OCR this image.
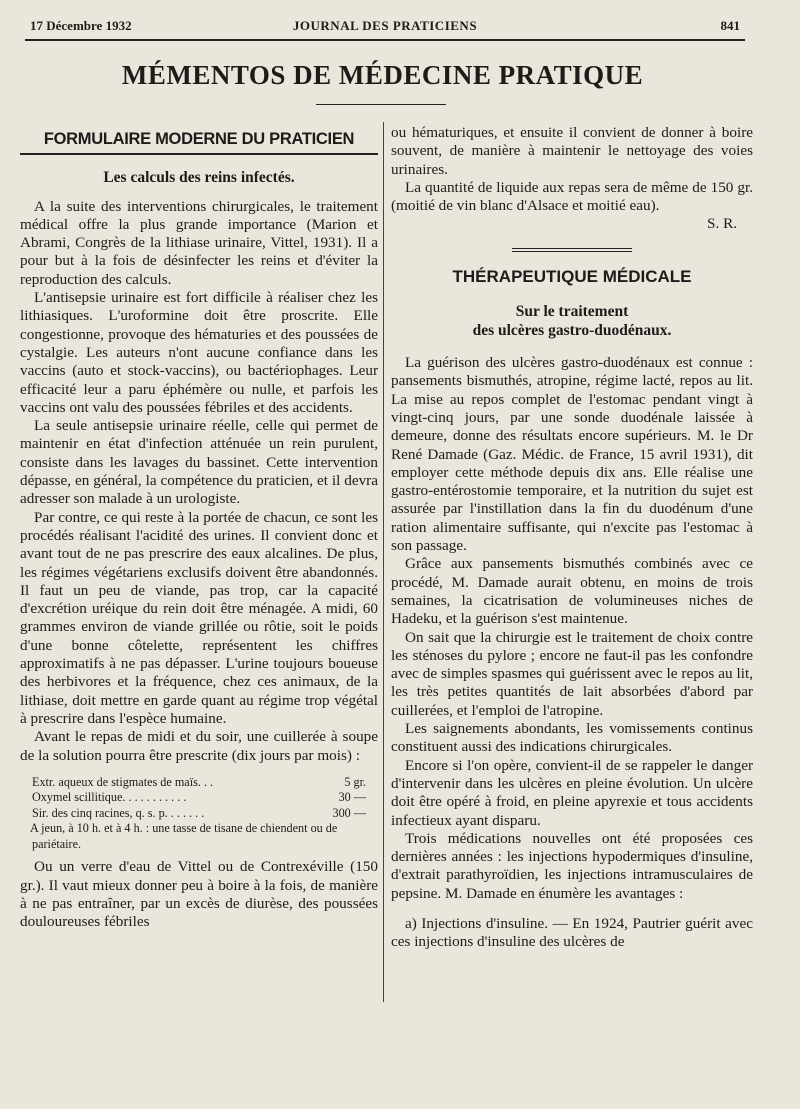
17 Décembre 1932	JOURNAL DES PRATICIENS	841
MÉMENTOS DE MÉDECINE PRATIQUE
FORMULAIRE MODERNE DU PRATICIEN
Les calculs des reins infectés.

A la suite des interventions chirurgicales, le traitement médical offre la plus grande importance (Marion et Abrami, Congrès de la lithiase urinaire, Vittel, 1931). Il a pour but à la fois de désinfecter les reins et d'éviter la reproduction des calculs.

L'antisepsie urinaire est fort difficile à réaliser chez les lithiasiques. L'uroformine doit être proscrite. Elle congestionne, provoque des hématuries et des poussées de cystalgie. Les auteurs n'ont aucune confiance dans les vaccins (auto et stock-vaccins), ou bactériophages. Leur efficacité leur a paru éphémère ou nulle, et parfois les vaccins ont valu des poussées fébriles et des accidents.

La seule antisepsie urinaire réelle, celle qui permet de maintenir en état d'infection atténuée un rein purulent, consiste dans les lavages du bassinet. Cette intervention dépasse, en général, la compétence du praticien, et il devra adresser son malade à un urologiste.

Par contre, ce qui reste à la portée de chacun, ce sont les procédés réalisant l'acidité des urines. Il convient donc et avant tout de ne pas prescrire des eaux alcalines. De plus, les régimes végétariens exclusifs doivent être abandonnés. Il faut un peu de viande, pas trop, car la capacité d'excrétion uréique du rein doit être ménagée. A midi, 60 grammes environ de viande grillée ou rôtie, soit le poids d'une bonne côtelette, représentent les chiffres approximatifs à ne pas dépasser. L'urine toujours boueuse des herbivores et la fréquence, chez ces animaux, de la lithiase, doit mettre en garde quant au régime trop végétal à prescrire dans l'espèce humaine.

Avant le repas de midi et du soir, une cuillerée à soupe de la solution pourra être prescrite (dix jours par mois) :

Extr. aqueux de stigmates de maïs. . .	5 gr.
Oxymel scillitique. . . . . . . . . . .	30 —
Sir. des cinq racines, q. s. p. . . . . . .	300 —
A jeun, à 10 h. et à 4 h. : une tasse de tisane de chiendent ou de pariétaire.

Ou un verre d'eau de Vittel ou de Contrexéville (150 gr.). Il vaut mieux donner peu à boire à la fois, de manière à ne pas entraîner, par un excès de diurèse, des poussées douloureuses fébriles

ou hématuriques, et ensuite il convient de donner à boire souvent, de manière à maintenir le nettoyage des voies urinaires.

La quantité de liquide aux repas sera de même de 150 gr. (moitié de vin blanc d'Alsace et moitié eau).

S. R.
THÉRAPEUTIQUE MÉDICALE
Sur le traitement
des ulcères gastro-duodénaux.

La guérison des ulcères gastro-duodénaux est connue : pansements bismuthés, atropine, régime lacté, repos au lit. La mise au repos complet de l'estomac pendant vingt à vingt-cinq jours, par une sonde duodénale laissée à demeure, donne des résultats encore supérieurs. M. le Dr René Damade (Gaz. Médic. de France, 15 avril 1931), dit employer cette méthode depuis dix ans. Elle réalise une gastro-entérostomie temporaire, et la nutrition du sujet est assurée par l'instillation dans la fin du duodénum d'une ration alimentaire suffisante, qui n'excite pas l'estomac à son passage.

Grâce aux pansements bismuthés combinés avec ce procédé, M. Damade aurait obtenu, en moins de trois semaines, la cicatrisation de volumineuses niches de Hadeku, et la guérison s'est maintenue.

On sait que la chirurgie est le traitement de choix contre les sténoses du pylore ; encore ne faut-il pas les confondre avec de simples spasmes qui guérissent avec le repos au lit, les très petites quantités de lait absorbées d'abord par cuillerées, et l'emploi de l'atropine.

Les saignements abondants, les vomissements continus constituent aussi des indications chirurgicales.

Encore si l'on opère, convient-il de se rappeler le danger d'intervenir dans les ulcères en pleine évolution. Un ulcère doit être opéré à froid, en pleine apyrexie et tous accidents infectieux ayant disparu.

Trois médications nouvelles ont été proposées ces dernières années : les injections hypodermiques d'insuline, d'extrait parathyroïdien, les injections intramusculaires de pepsine. M. Damade en énumère les avantages :

a) Injections d'insuline. — En 1924, Pautrier guérit avec ces injections d'insuline des ulcères de
